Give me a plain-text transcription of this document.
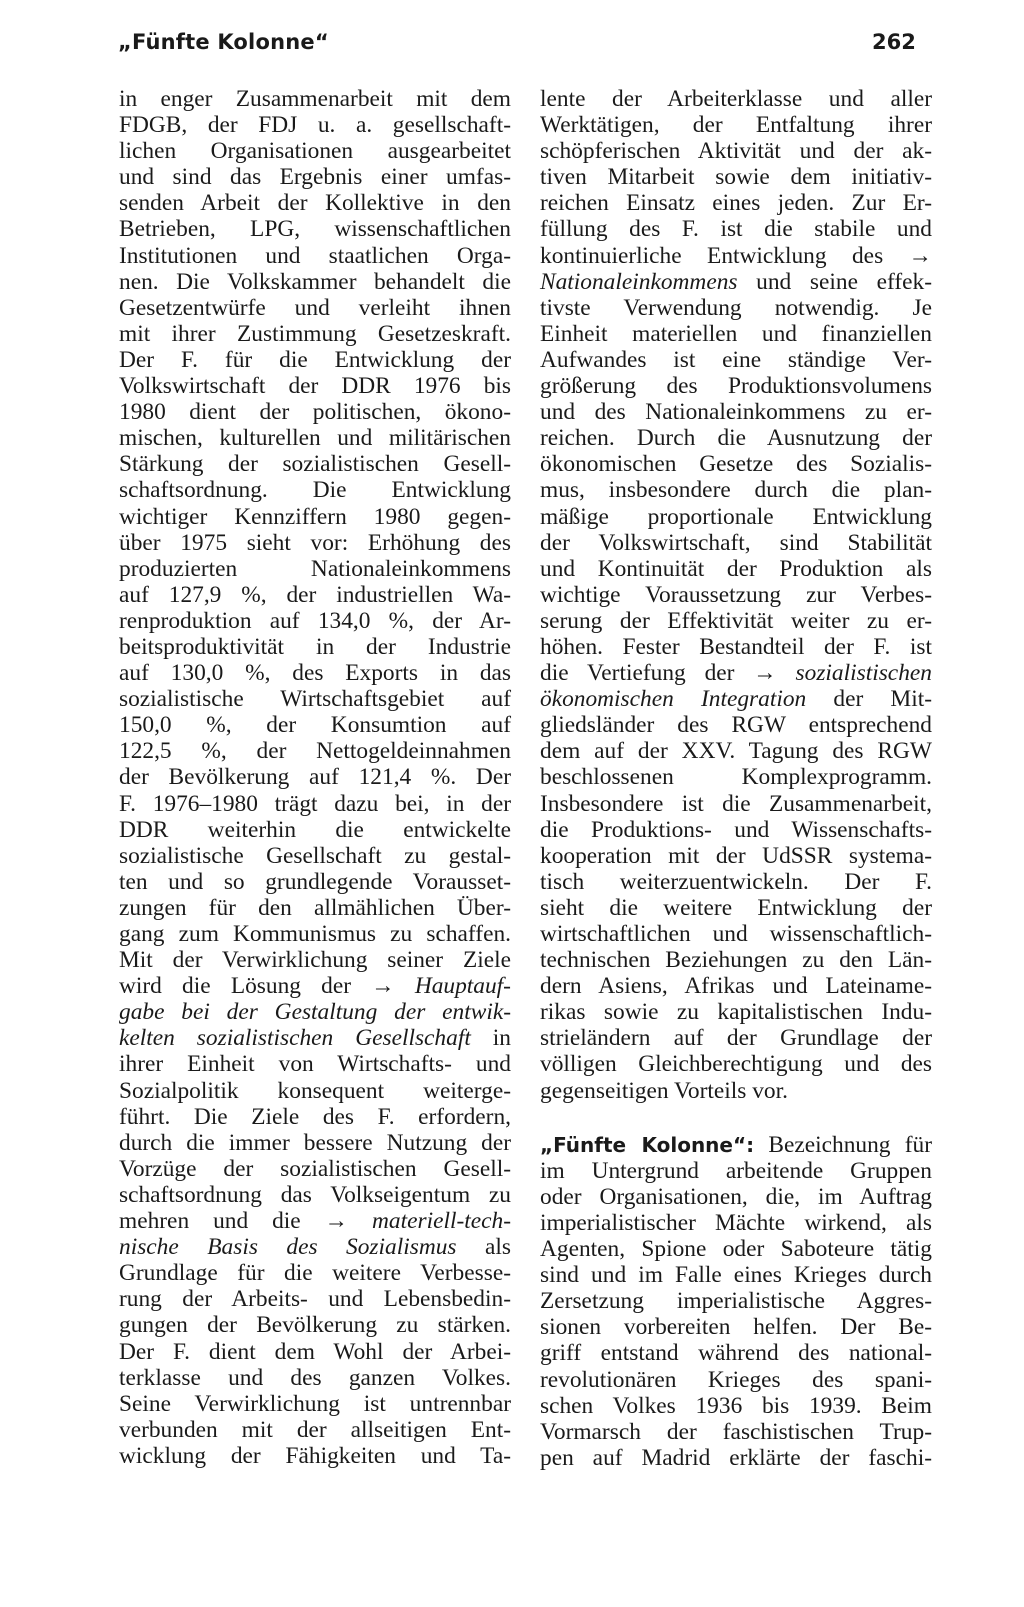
„Fünfte Kolonne“	262
in enger Zusammenarbeit mit dem
FDGB, der FDJ u. a. gesellschaft-
lichen Organisationen ausgearbeitet
und sind das Ergebnis einer umfas-
senden Arbeit der Kollektive in den
Betrieben, LPG, wissenschaftlichen
Institutionen und staatlichen Orga-
nen. Die Volkskammer behandelt die
Gesetzentwürfe und verleiht ihnen
mit ihrer Zustimmung Gesetzeskraft.
Der F. für die Entwicklung der
Volkswirtschaft der DDR 1976 bis
1980 dient der politischen, ökono-
mischen, kulturellen und militärischen
Stärkung der sozialistischen Gesell-
schaftsordnung. Die Entwicklung
wichtiger Kennziffern 1980 gegen-
über 1975 sieht vor: Erhöhung des
produzierten Nationaleinkommens
auf 127,9 %, der industriellen Wa-
renproduktion auf 134,0 %, der Ar-
beitsproduktivität in der Industrie
auf 130,0 %, des Exports in das
sozialistische Wirtschaftsgebiet auf
150,0 %, der Konsumtion auf
122,5 %, der Nettogeldeinnahmen
der Bevölkerung auf 121,4 %. Der
F. 1976–1980 trägt dazu bei, in der
DDR weiterhin die entwickelte
sozialistische Gesellschaft zu gestal-
ten und so grundlegende Vorausset-
zungen für den allmählichen Über-
gang zum Kommunismus zu schaffen.
Mit der Verwirklichung seiner Ziele
wird die Lösung der → Hauptauf-
gabe bei der Gestaltung der entwik-
kelten sozialistischen Gesellschaft in
ihrer Einheit von Wirtschafts- und
Sozialpolitik konsequent weiterge-
führt. Die Ziele des F. erfordern,
durch die immer bessere Nutzung der
Vorzüge der sozialistischen Gesell-
schaftsordnung das Volkseigentum zu
mehren und die → materiell-tech-
nische Basis des Sozialismus als
Grundlage für die weitere Verbesse-
rung der Arbeits- und Lebensbedin-
gungen der Bevölkerung zu stärken.
Der F. dient dem Wohl der Arbei-
terklasse und des ganzen Volkes.
Seine Verwirklichung ist untrennbar
verbunden mit der allseitigen Ent-
wicklung der Fähigkeiten und Ta-
lente der Arbeiterklasse und aller
Werktätigen, der Entfaltung ihrer
schöpferischen Aktivität und der ak-
tiven Mitarbeit sowie dem initiativ-
reichen Einsatz eines jeden. Zur Er-
füllung des F. ist die stabile und
kontinuierliche Entwicklung des →
Nationaleinkommens und seine effek-
tivste Verwendung notwendig. Je
Einheit materiellen und finanziellen
Aufwandes ist eine ständige Ver-
größerung des Produktionsvolumens
und des Nationaleinkommens zu er-
reichen. Durch die Ausnutzung der
ökonomischen Gesetze des Sozialis-
mus, insbesondere durch die plan-
mäßige proportionale Entwicklung
der Volkswirtschaft, sind Stabilität
und Kontinuität der Produktion als
wichtige Voraussetzung zur Verbes-
serung der Effektivität weiter zu er-
höhen. Fester Bestandteil der F. ist
die Vertiefung der → sozialistischen
ökonomischen Integration der Mit-
gliedsländer des RGW entsprechend
dem auf der XXV. Tagung des RGW
beschlossenen Komplexprogramm.
Insbesondere ist die Zusammenarbeit,
die Produktions- und Wissenschafts-
kooperation mit der UdSSR systema-
tisch weiterzuentwickeln. Der F.
sieht die weitere Entwicklung der
wirtschaftlichen und wissenschaftlich-
technischen Beziehungen zu den Län-
dern Asiens, Afrikas und Lateiname-
rikas sowie zu kapitalistischen Indu-
strieländern auf der Grundlage der
völligen Gleichberechtigung und des
gegenseitigen Vorteils vor.
„Fünfte Kolonne“: Bezeichnung für
im Untergrund arbeitende Gruppen
oder Organisationen, die, im Auftrag
imperialistischer Mächte wirkend, als
Agenten, Spione oder Saboteure tätig
sind und im Falle eines Krieges durch
Zersetzung imperialistische Aggres-
sionen vorbereiten helfen. Der Be-
griff entstand während des national-
revolutionären Krieges des spani-
schen Volkes 1936 bis 1939. Beim
Vormarsch der faschistischen Trup-
pen auf Madrid erklärte der faschi-
